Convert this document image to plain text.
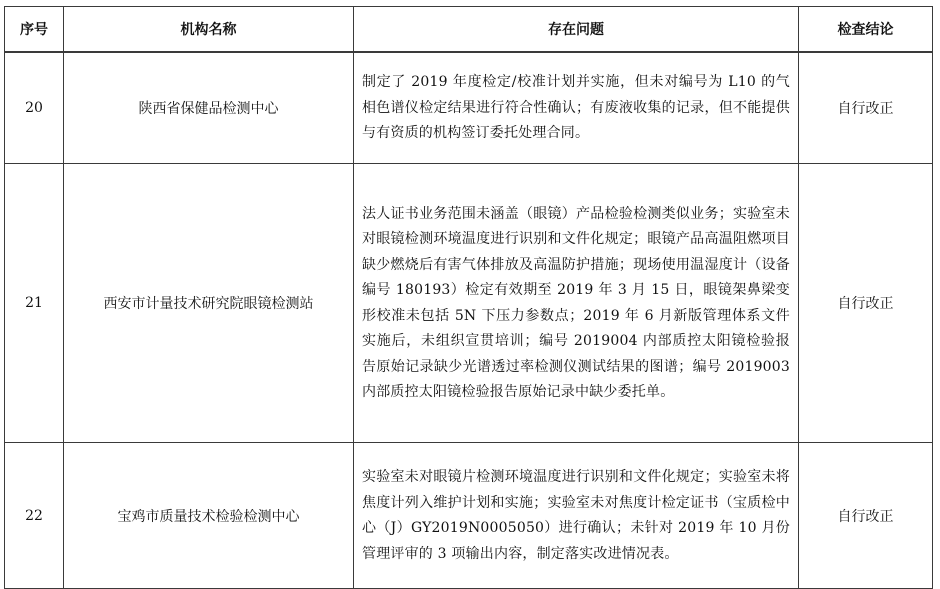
序号	机构名称	存在问题	检查结论
20	陕西省保健品检测中心	制定了 2019 年度检定/校准计划并实施，但未对编号为 L10 的气相色谱仪检定结果进行符合性确认；有废液收集的记录，但不能提供与有资质的机构签订委托处理合同。	自行改正
21	西安市计量技术研究院眼镜检测站	法人证书业务范围未涵盖（眼镜）产品检验检测类似业务；实验室未对眼镜检测环境温度进行识别和文件化规定；眼镜产品高温阻燃项目缺少燃烧后有害气体排放及高温防护措施；现场使用温湿度计（设备编号 180193）检定有效期至 2019 年 3 月 15 日，眼镜架鼻梁变形校准未包括 5N 下压力参数点；2019 年 6 月新版管理体系文件实施后，未组织宣贯培训；编号 2019004 内部质控太阳镜检验报告原始记录缺少光谱透过率检测仪测试结果的图谱；编号 2019003 内部质控太阳镜检验报告原始记录中缺少委托单。	自行改正
22	宝鸡市质量技术检验检测中心	实验室未对眼镜片检测环境温度进行识别和文件化规定；实验室未将焦度计列入维护计划和实施；实验室未对焦度计检定证书（宝质检中心（J）GY2019N0005050）进行确认；未针对 2019 年 10 月份管理评审的 3 项输出内容，制定落实改进情况表。	自行改正
